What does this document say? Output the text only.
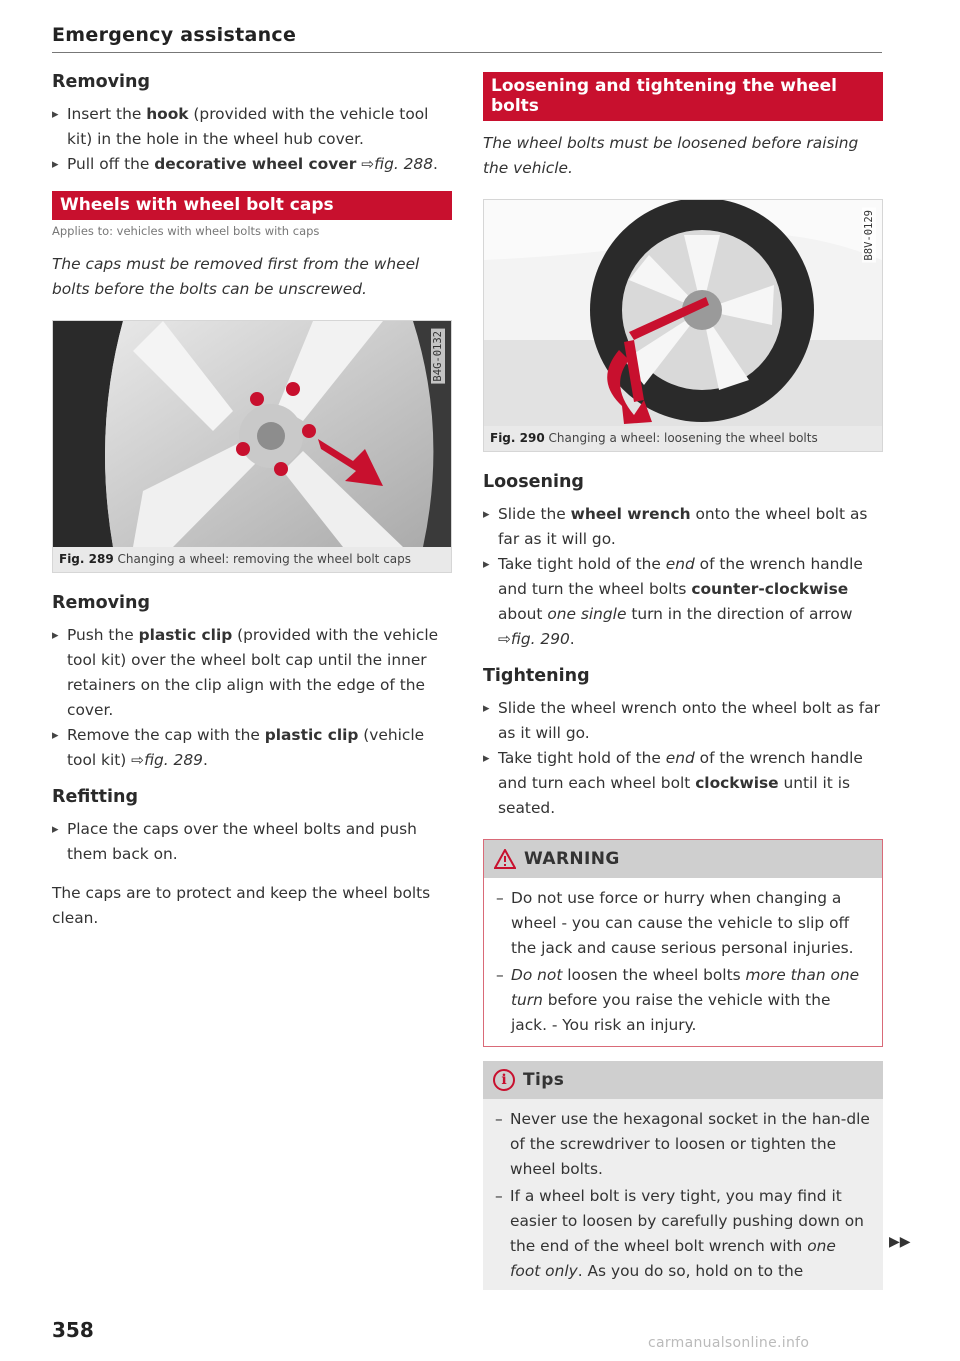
Emergency assistance
Removing
▸ Insert the hook (provided with the vehicle tool kit) in the hole in the wheel hub cover.
▸ Pull off the decorative wheel cover ⇨fig. 288.
Wheels with wheel bolt caps
Applies to: vehicles with wheel bolts with caps
The caps must be removed first from the wheel bolts before the bolts can be unscrewed.
B4G-0132
Fig. 289 Changing a wheel: removing the wheel bolt caps
Removing
▸ Push the plastic clip (provided with the vehicle tool kit) over the wheel bolt cap until the inner retainers on the clip align with the edge of the cover.
▸ Remove the cap with the plastic clip (vehicle tool kit) ⇨fig. 289.
Refitting
▸ Place the caps over the wheel bolts and push them back on.
The caps are to protect and keep the wheel bolts clean.
Loosening and tightening the wheel bolts
The wheel bolts must be loosened before raising the vehicle.
B8V-0129
Fig. 290 Changing a wheel: loosening the wheel bolts
Loosening
▸ Slide the wheel wrench onto the wheel bolt as far as it will go.
▸ Take tight hold of the end of the wrench handle and turn the wheel bolts counter-clockwise about one single turn in the direction of arrow ⇨fig. 290.
Tightening
▸ Slide the wheel wrench onto the wheel bolt as far as it will go.
▸ Take tight hold of the end of the wrench handle and turn each wheel bolt clockwise until it is seated.
WARNING
– Do not use force or hurry when changing a wheel - you can cause the vehicle to slip off the jack and cause serious personal injuries.
– Do not loosen the wheel bolts more than one turn before you raise the vehicle with the jack. - You risk an injury.
i Tips
– Never use the hexagonal socket in the han-dle of the screwdriver to loosen or tighten the wheel bolts.
– If a wheel bolt is very tight, you may find it easier to loosen by carefully pushing down on the end of the wheel bolt wrench with one foot only. As you do so, hold on to the
▶▶
358
carmanualsonline.info
